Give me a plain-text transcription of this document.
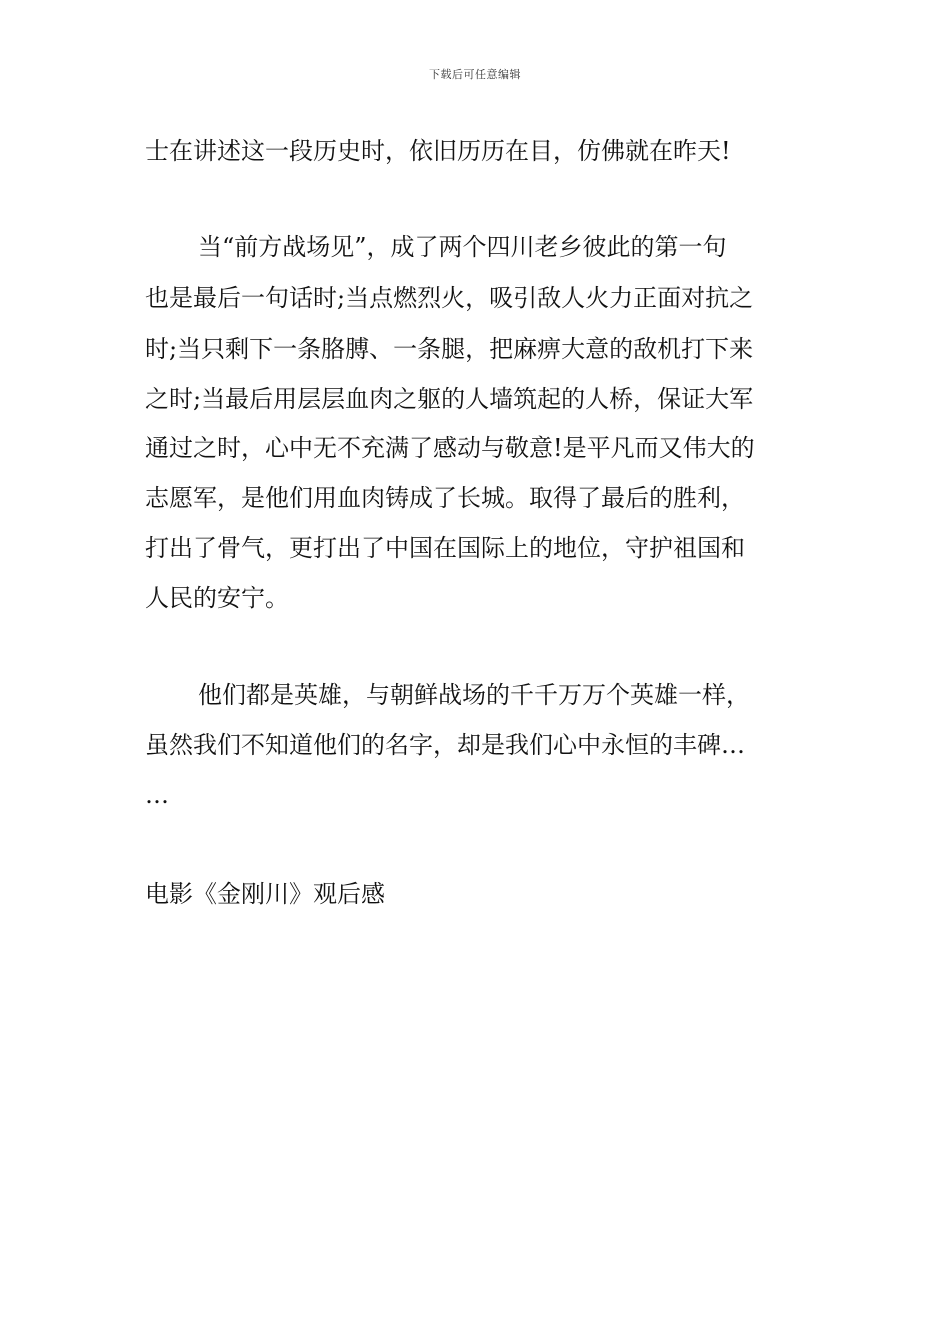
下载后可任意编辑
士在讲述这一段历史时，依旧历历在目，仿佛就在昨天!
当“前方战场见”，成了两个四川老乡彼此的第一句
也是最后一句话时;当点燃烈火，吸引敌人火力正面对抗之
时;当只剩下一条胳膊、一条腿，把麻痹大意的敌机打下来
之时;当最后用层层血肉之躯的人墙筑起的人桥，保证大军
通过之时，心中无不充满了感动与敬意!是平凡而又伟大的
志愿军，是他们用血肉铸成了长城。取得了最后的胜利，
打出了骨气，更打出了中国在国际上的地位，守护祖国和
人民的安宁。
他们都是英雄，与朝鲜战场的千千万万个英雄一样，
虽然我们不知道他们的名字，却是我们心中永恒的丰碑…
…
电影《金刚川》观后感
